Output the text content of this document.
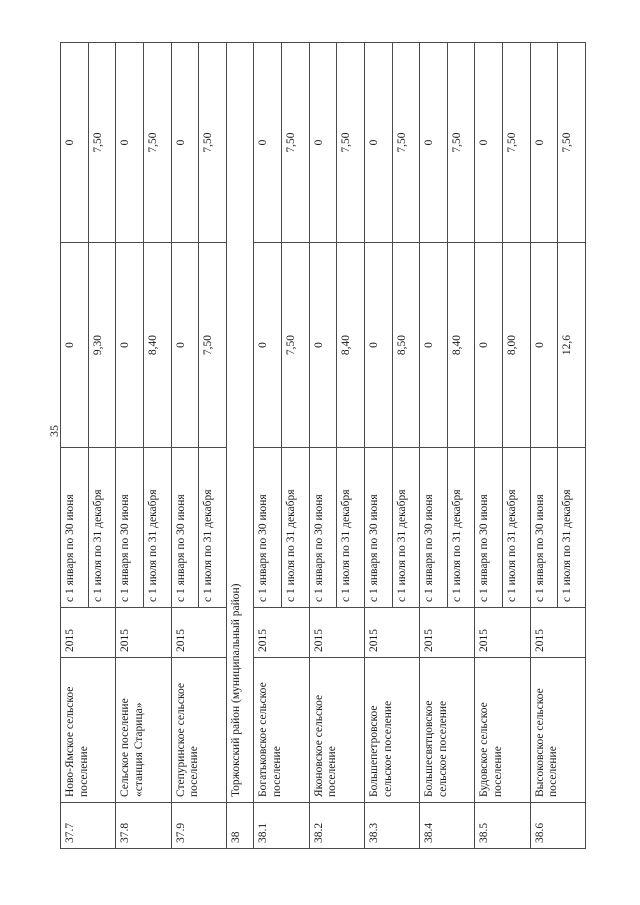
35
37.7	Ново-Ямское сельское поселение	2015	с 1 января по 30 июня	0	0
			с 1 июля по 31 декабря	9,30	7,50
37.8	Сельское поселение «станция Старица»	2015	с 1 января по 30 июня	0	0
			с 1 июля по 31 декабря	8,40	7,50
37.9	Степуринское сельское поселение	2015	с 1 января по 30 июня	0	0
			с 1 июля по 31 декабря	7,50	7,50
38	Торжокский район (муниципальный район)				
38.1	Богатьковское сельское поселение	2015	с 1 января по 30 июня	0	0
			с 1 июля по 31 декабря	7,50	7,50
38.2	Яконовское сельское поселение	2015	с 1 января по 30 июня	0	0
			с 1 июля по 31 декабря	8,40	7,50
38.3	Большепетровское сельское поселение	2015	с 1 января по 30 июня	0	0
			с 1 июля по 31 декабря	8,50	7,50
38.4	Большесвятцовское сельское поселение	2015	с 1 января по 30 июня	0	0
			с 1 июля по 31 декабря	8,40	7,50
38.5	Будовское сельское поселение	2015	с 1 января по 30 июня	0	0
			с 1 июля по 31 декабря	8,00	7,50
38.6	Высоковское сельское поселение	2015	с 1 января по 30 июня	0	0
			с 1 июля по 31 декабря	12,6	7,50
